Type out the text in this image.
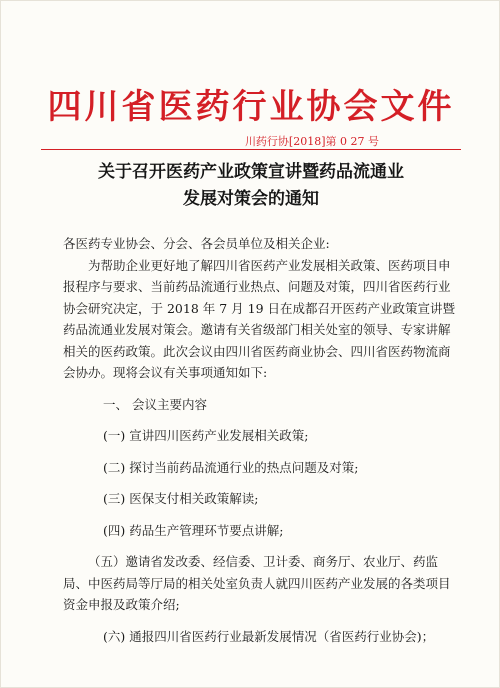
四川省医药行业协会文件
川药行协[2018]第 0 27 号
关于召开医药产业政策宣讲暨药品流通业
发展对策会的通知

各医药专业协会、分会、各会员单位及相关企业:

为帮助企业更好地了解四川省医药产业发展相关政策、医药项目申报程序与要求、当前药品流通行业热点、问题及对策，四川省医药行业协会研究决定，于 2018 年 7 月 19 日在成都召开医药产业政策宣讲暨药品流通业发展对策会。邀请有关省级部门相关处室的领导、专家讲解相关的医药政策。此次会议由四川省医药商业协会、四川省医药物流商会协办。现将会议有关事项通知如下:

一、 会议主要内容
(一) 宣讲四川医药产业发展相关政策;
(二) 探讨当前药品流通行业的热点问题及对策;
(三) 医保支付相关政策解读;
(四) 药品生产管理环节要点讲解;
（五）邀请省发改委、经信委、卫计委、商务厅、农业厅、药监局、中医药局等厅局的相关处室负责人就四川医药产业发展的各类项目资金申报及政策介绍;
(六) 通报四川省医药行业最新发展情况（省医药行业协会)；
